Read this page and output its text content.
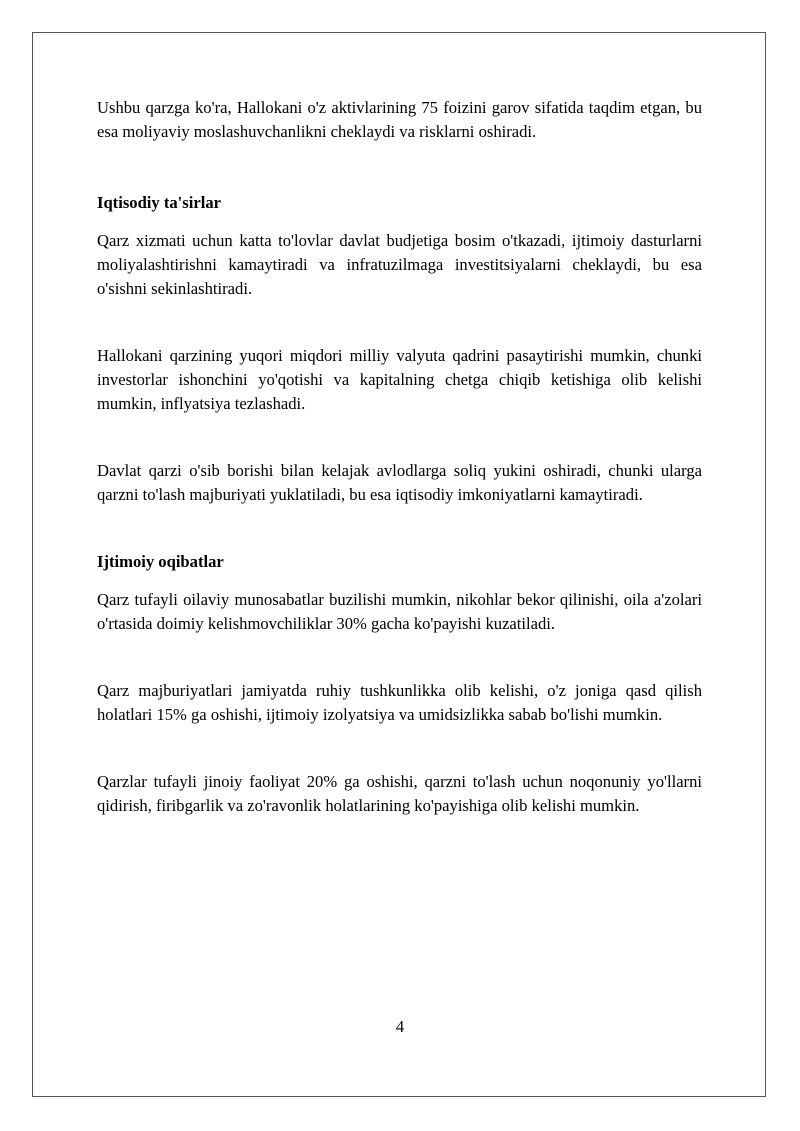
Ushbu qarzga ko'ra, Hallokani o'z aktivlarining 75 foizini garov sifatida taqdim etgan, bu esa moliyaviy moslashuvchanlikni cheklaydi va risklarni oshiradi.

Iqtisodiy ta'sirlar

Qarz xizmati uchun katta to'lovlar davlat budjetiga bosim o'tkazadi, ijtimoiy dasturlarni moliyalashtirishni kamaytiradi va infratuzilmaga investitsiyalarni cheklaydi, bu esa o'sishni sekinlashtiradi.

Hallokani qarzining yuqori miqdori milliy valyuta qadrini pasaytirishi mumkin, chunki investorlar ishonchini yo'qotishi va kapitalning chetga chiqib ketishiga olib kelishi mumkin, inflyatsiya tezlashadi.

Davlat qarzi o'sib borishi bilan kelajak avlodlarga soliq yukini oshiradi, chunki ularga qarzni to'lash majburiyati yuklatiladi, bu esa iqtisodiy imkoniyatlarni kamaytiradi.

Ijtimoiy oqibatlar

Qarz tufayli oilaviy munosabatlar buzilishi mumkin, nikohlar bekor qilinishi, oila a'zolari o'rtasida doimiy kelishmovchiliklar 30% gacha ko'payishi kuzatiladi.

Qarz majburiyatlari jamiyatda ruhiy tushkunlikka olib kelishi, o'z joniga qasd qilish holatlari 15% ga oshishi, ijtimoiy izolyatsiya va umidsizlikka sabab bo'lishi mumkin.

Qarzlar tufayli jinoiy faoliyat 20% ga oshishi, qarzni to'lash uchun noqonuniy yo'llarni qidirish, firibgarlik va zo'ravonlik holatlarining ko'payishiga olib kelishi mumkin.

4
